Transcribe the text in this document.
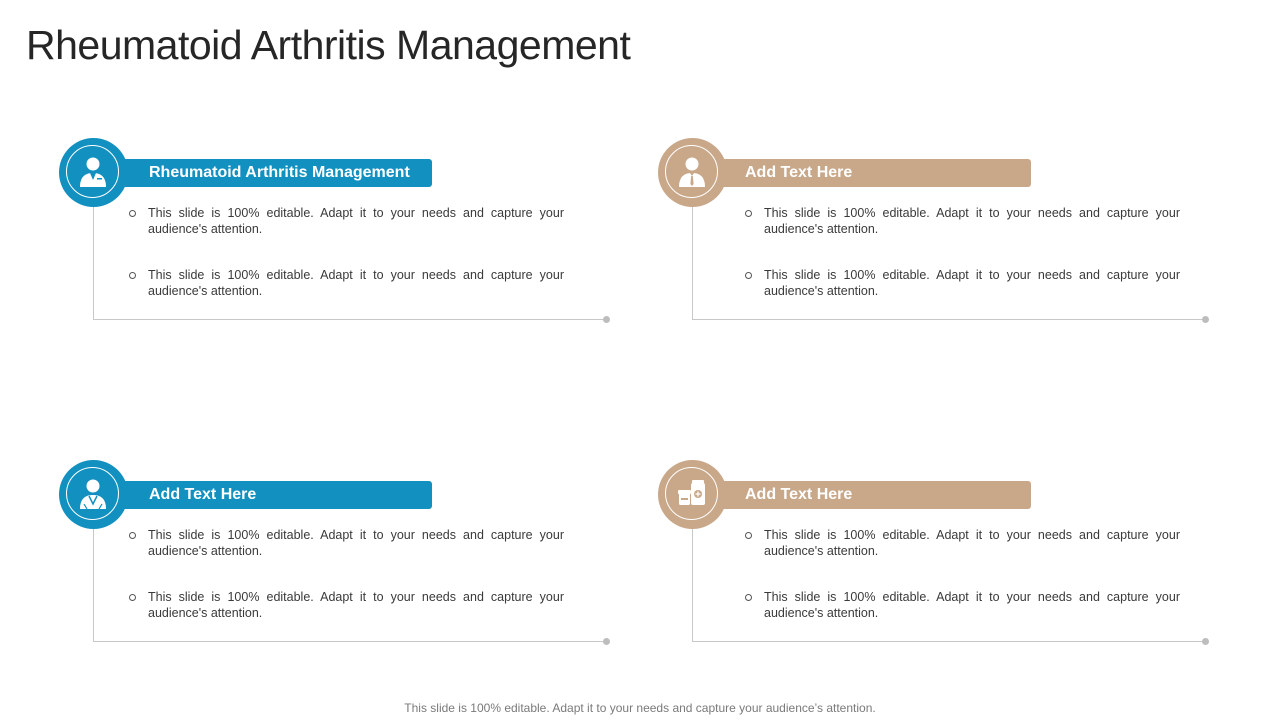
Rheumatoid Arthritis Management
Rheumatoid Arthritis Management
This slide is 100% editable. Adapt it to your needs and capture your audience's attention.
This slide is 100% editable. Adapt it to your needs and capture your audience's attention.
Add Text Here
This slide is 100% editable. Adapt it to your needs and capture your audience's attention.
This slide is 100% editable. Adapt it to your needs and capture your audience's attention.
Add Text Here
This slide is 100% editable. Adapt it to your needs and capture your audience's attention.
This slide is 100% editable. Adapt it to your needs and capture your audience's attention.
Add Text Here
This slide is 100% editable. Adapt it to your needs and capture your audience's attention.
This slide is 100% editable. Adapt it to your needs and capture your audience's attention.
This slide is 100% editable. Adapt it to your needs and capture your audience’s attention.
